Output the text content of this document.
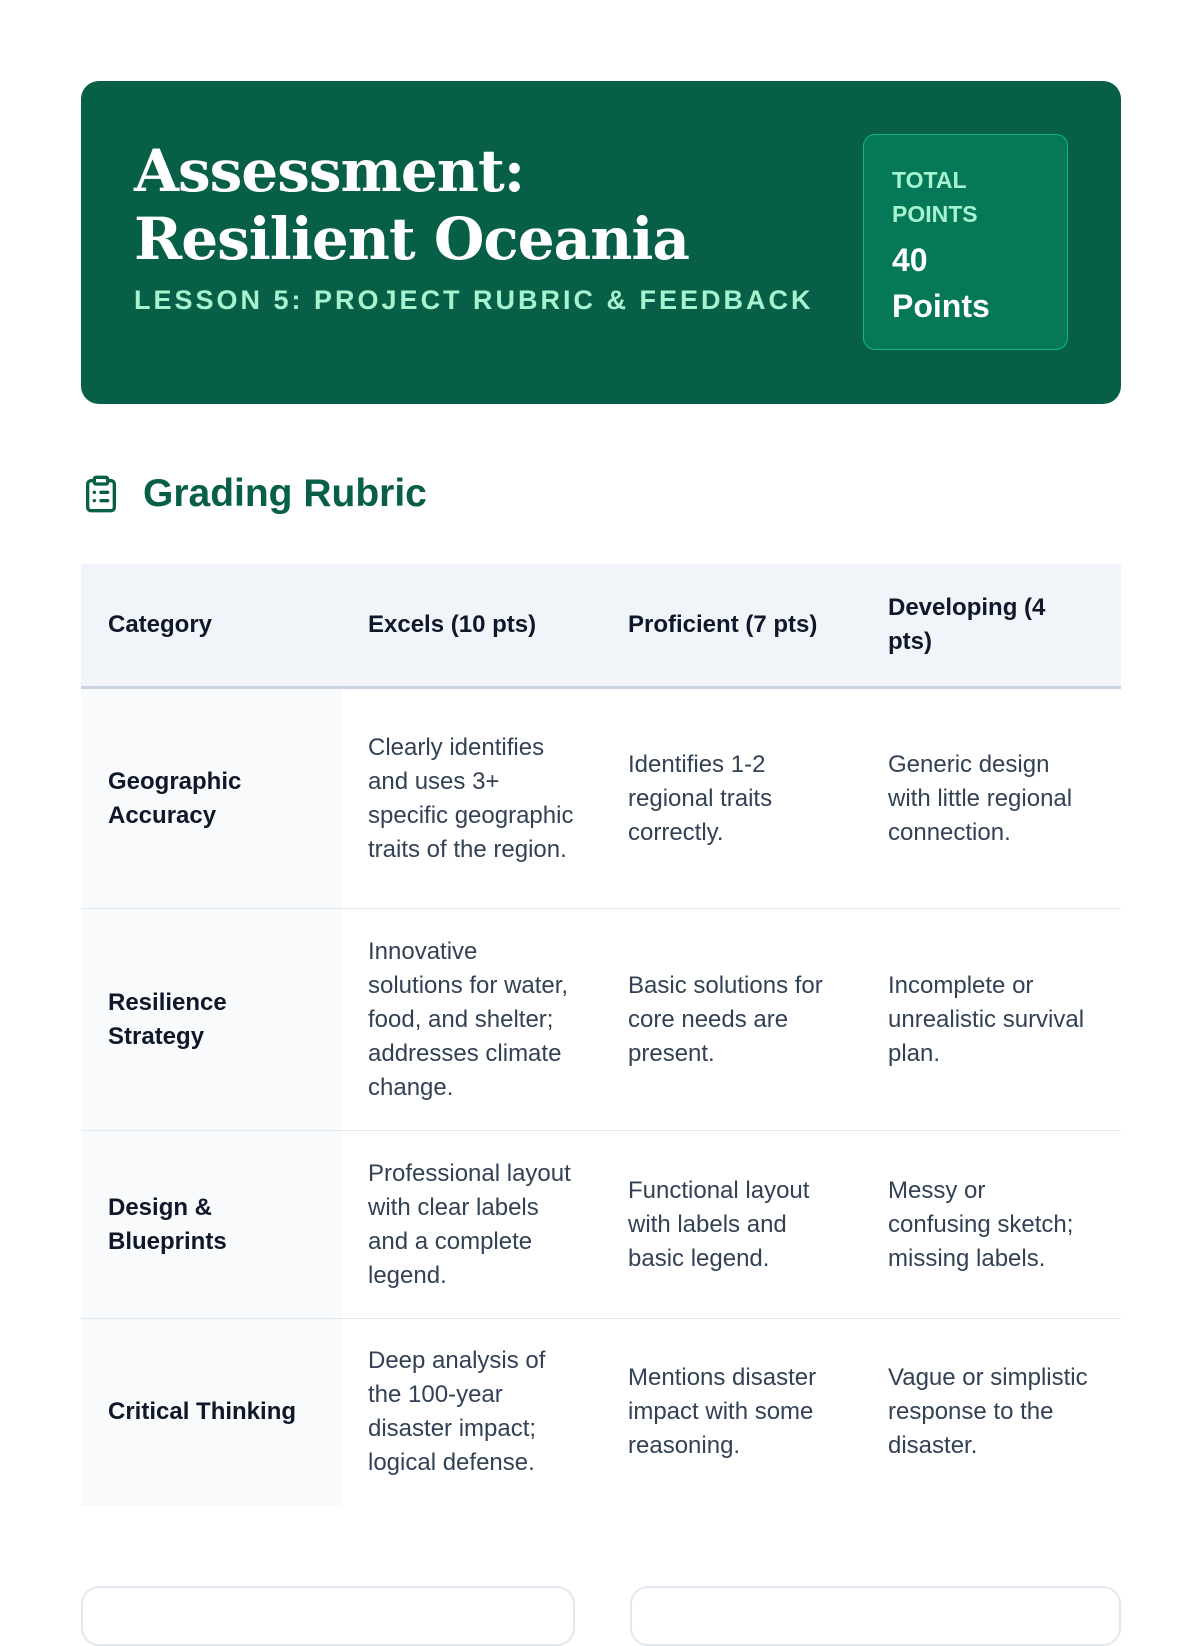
Assessment: Resilient Oceania
LESSON 5: PROJECT RUBRIC & FEEDBACK
TOTAL POINTS
40 Points
Grading Rubric
Category	Excels (10 pts)	Proficient (7 pts)	Developing (4 pts)
Geographic Accuracy	Clearly identifies and uses 3+ specific geographic traits of the region.	Identifies 1-2 regional traits correctly.	Generic design with little regional connection.
Resilience Strategy	Innovative solutions for water, food, and shelter; addresses climate change.	Basic solutions for core needs are present.	Incomplete or unrealistic survival plan.
Design & Blueprints	Professional layout with clear labels and a complete legend.	Functional layout with labels and basic legend.	Messy or confusing sketch; missing labels.
Critical Thinking	Deep analysis of the 100-year disaster impact; logical defense.	Mentions disaster impact with some reasoning.	Vague or simplistic response to the disaster.
